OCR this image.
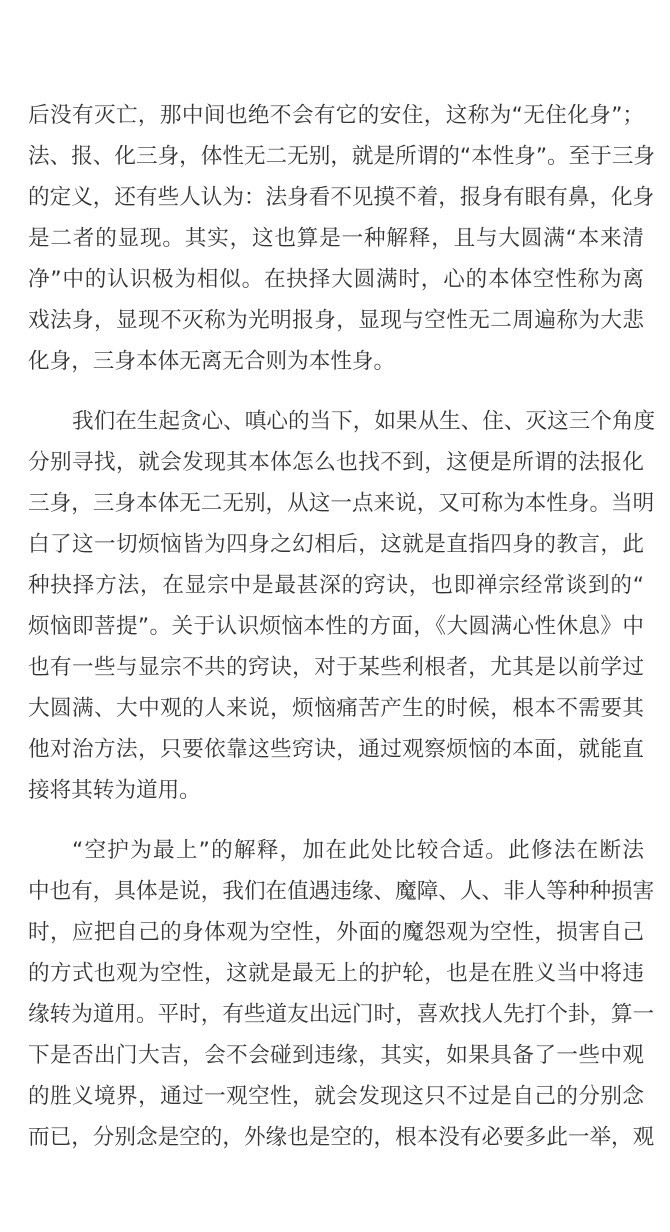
后没有灭亡，那中间也绝不会有它的安住，这称为“无住化身”；
法、报、化三身，体性无二无别，就是所谓的“本性身”。至于三身
的定义，还有些人认为：法身看不见摸不着，报身有眼有鼻，化身
是二者的显现。其实，这也算是一种解释，且与大圆满“本来清
净”中的认识极为相似。在抉择大圆满时，心的本体空性称为离
戏法身，显现不灭称为光明报身，显现与空性无二周遍称为大悲
化身，三身本体无离无合则为本性身。
我们在生起贪心、嗔心的当下，如果从生、住、灭这三个角度
分别寻找，就会发现其本体怎么也找不到，这便是所谓的法报化
三身，三身本体无二无别，从这一点来说，又可称为本性身。当明
白了这一切烦恼皆为四身之幻相后，这就是直指四身的教言，此
种抉择方法，在显宗中是最甚深的窍诀，也即禅宗经常谈到的“
烦恼即菩提”。关于认识烦恼本性的方面，《大圆满心性休息》中
也有一些与显宗不共的窍诀，对于某些利根者，尤其是以前学过
大圆满、大中观的人来说，烦恼痛苦产生的时候，根本不需要其
他对治方法，只要依靠这些窍诀，通过观察烦恼的本面，就能直
接将其转为道用。
“空护为最上”的解释，加在此处比较合适。此修法在断法
中也有，具体是说，我们在值遇违缘、魔障、人、非人等种种损害
时，应把自己的身体观为空性，外面的魔怨观为空性，损害自己
的方式也观为空性，这就是最无上的护轮，也是在胜义当中将违
缘转为道用。平时，有些道友出远门时，喜欢找人先打个卦，算一
下是否出门大吉，会不会碰到违缘，其实，如果具备了一些中观
的胜义境界，通过一观空性，就会发现这只不过是自己的分别念
而已，分别念是空的，外缘也是空的，根本没有必要多此一举，观
